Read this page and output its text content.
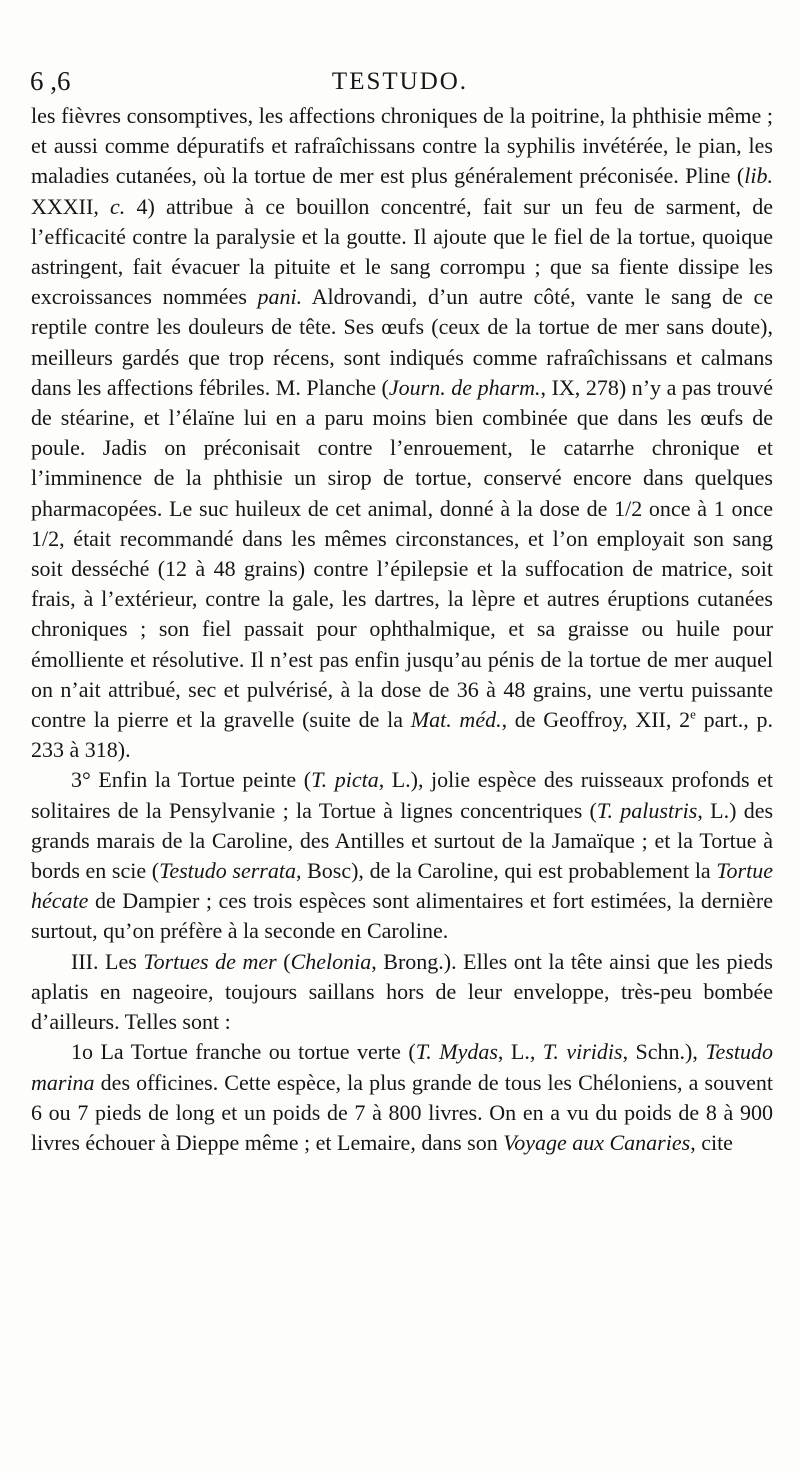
6 ,6	TESTUDO.

les fièvres consomptives, les affections chroniques de la poitrine, la phthisie même ; et aussi comme dépuratifs et rafraîchissans contre la syphilis invétérée, le pian, les maladies cutanées, où la tortue de mer est plus généralement préconisée. Pline (lib. XXXII, c. 4) attribue à ce bouillon concentré, fait sur un feu de sarment, de l’efficacité contre la paralysie et la goutte. Il ajoute que le fiel de la tortue, quoique astringent, fait évacuer la pituite et le sang corrompu ; que sa fiente dissipe les excroissances nommées pani. Aldrovandi, d’un autre côté, vante le sang de ce reptile contre les douleurs de tête. Ses œufs (ceux de la tortue de mer sans doute), meilleurs gardés que trop récens, sont indiqués comme rafraîchissans et calmans dans les affections fébriles. M. Planche (Journ. de pharm., IX, 278) n’y a pas trouvé de stéarine, et l’élaïne lui en a paru moins bien combinée que dans les œufs de poule. Jadis on préconisait contre l’enrouement, le catarrhe chronique et l’imminence de la phthisie un sirop de tortue, conservé encore dans quelques pharmacopées. Le suc huileux de cet animal, donné à la dose de 1/2 once à 1 once 1/2, était recommandé dans les mêmes circonstances, et l’on employait son sang soit desséché (12 à 48 grains) contre l’épilepsie et la suffocation de matrice, soit frais, à l’extérieur, contre la gale, les dartres, la lèpre et autres éruptions cutanées chroniques ; son fiel passait pour ophthalmique, et sa graisse ou huile pour émolliente et résolutive. Il n’est pas enfin jusqu’au pénis de la tortue de mer auquel on n’ait attribué, sec et pulvérisé, à la dose de 36 à 48 grains, une vertu puissante contre la pierre et la gravelle (suite de la Mat. méd., de Geoffroy, XII, 2e part., p. 233 à 318).

3° Enfin la Tortue peinte (T. picta, L.), jolie espèce des ruisseaux profonds et solitaires de la Pensylvanie ; la Tortue à lignes concentriques (T. palustris, L.) des grands marais de la Caroline, des Antilles et surtout de la Jamaïque ; et la Tortue à bords en scie (Testudo serrata, Bosc), de la Caroline, qui est probablement la Tortue hécate de Dampier ; ces trois espèces sont alimentaires et fort estimées, la dernière surtout, qu’on préfère à la seconde en Caroline.

III. Les Tortues de mer (Chelonia, Brong.). Elles ont la tête ainsi que les pieds aplatis en nageoire, toujours saillans hors de leur enveloppe, très-peu bombée d’ailleurs. Telles sont :

1o La Tortue franche ou tortue verte (T. Mydas, L., T. viridis, Schn.), Testudo marina des officines. Cette espèce, la plus grande de tous les Chéloniens, a souvent 6 ou 7 pieds de long et un poids de 7 à 800 livres. On en a vu du poids de 8 à 900 livres échouer à Dieppe même ; et Lemaire, dans son Voyage aux Canaries, cite
